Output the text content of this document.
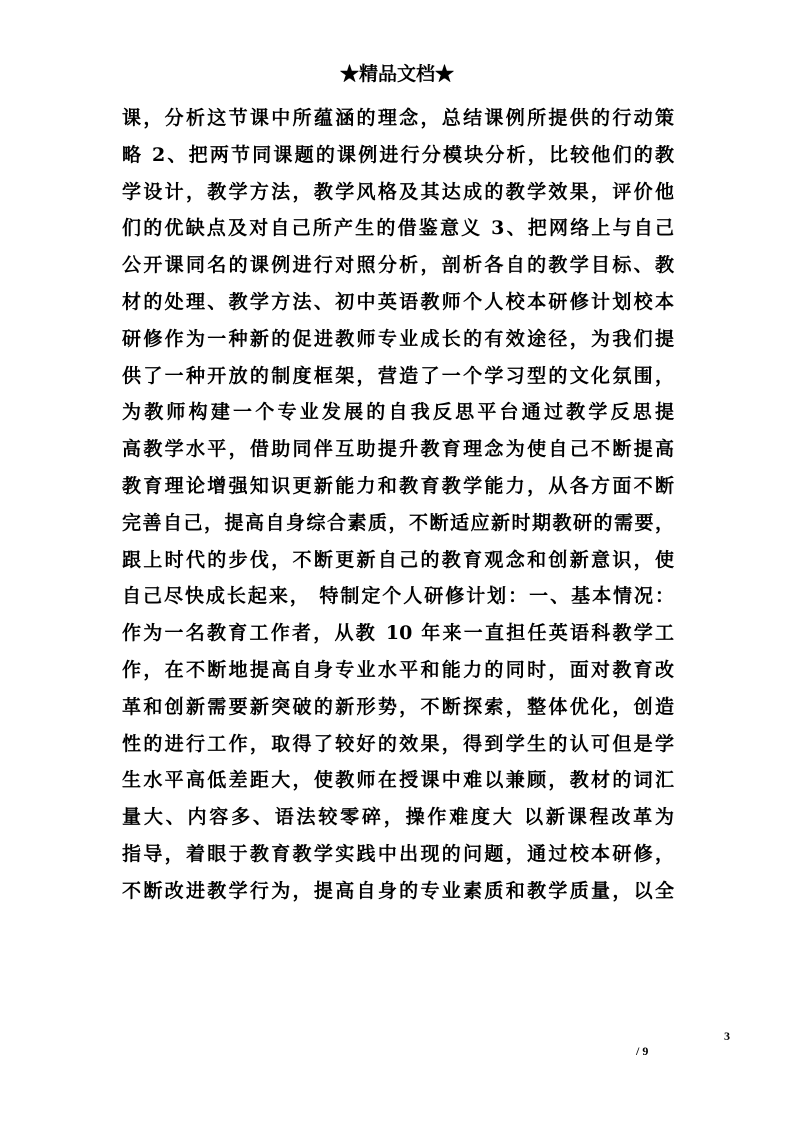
★精品文档★
课，分析这节课中所蕴涵的理念，总结课例所提供的行动策
略 2、把两节同课题的课例进行分模块分析，比较他们的教
学设计，教学方法，教学风格及其达成的教学效果，评价他
们的优缺点及对自己所产生的借鉴意义 3、把网络上与自己
公开课同名的课例进行对照分析，剖析各自的教学目标、教
材的处理、教学方法、初中英语教师个人校本研修计划校本
研修作为一种新的促进教师专业成长的有效途径，为我们提
供了一种开放的制度框架，营造了一个学习型的文化氛围，
为教师构建一个专业发展的自我反思平台通过教学反思提
高教学水平，借助同伴互助提升教育理念为使自己不断提高
教育理论增强知识更新能力和教育教学能力，从各方面不断
完善自己，提高自身综合素质，不断适应新时期教研的需要，
跟上时代的步伐，不断更新自己的教育观念和创新意识，使
自己尽快成长起来， 特制定个人研修计划：一、基本情况：
作为一名教育工作者，从教 10 年来一直担任英语科教学工
作，在不断地提高自身专业水平和能力的同时，面对教育改
革和创新需要新突破的新形势，不断探索，整体优化，创造
性的进行工作，取得了较好的效果，得到学生的认可但是学
生水平高低差距大，使教师在授课中难以兼顾，教材的词汇
量大、内容多、语法较零碎，操作难度大 以新课程改革为
指导，着眼于教育教学实践中出现的问题，通过校本研修，
不断改进教学行为，提高自身的专业素质和教学质量，以全
3
/ 9
